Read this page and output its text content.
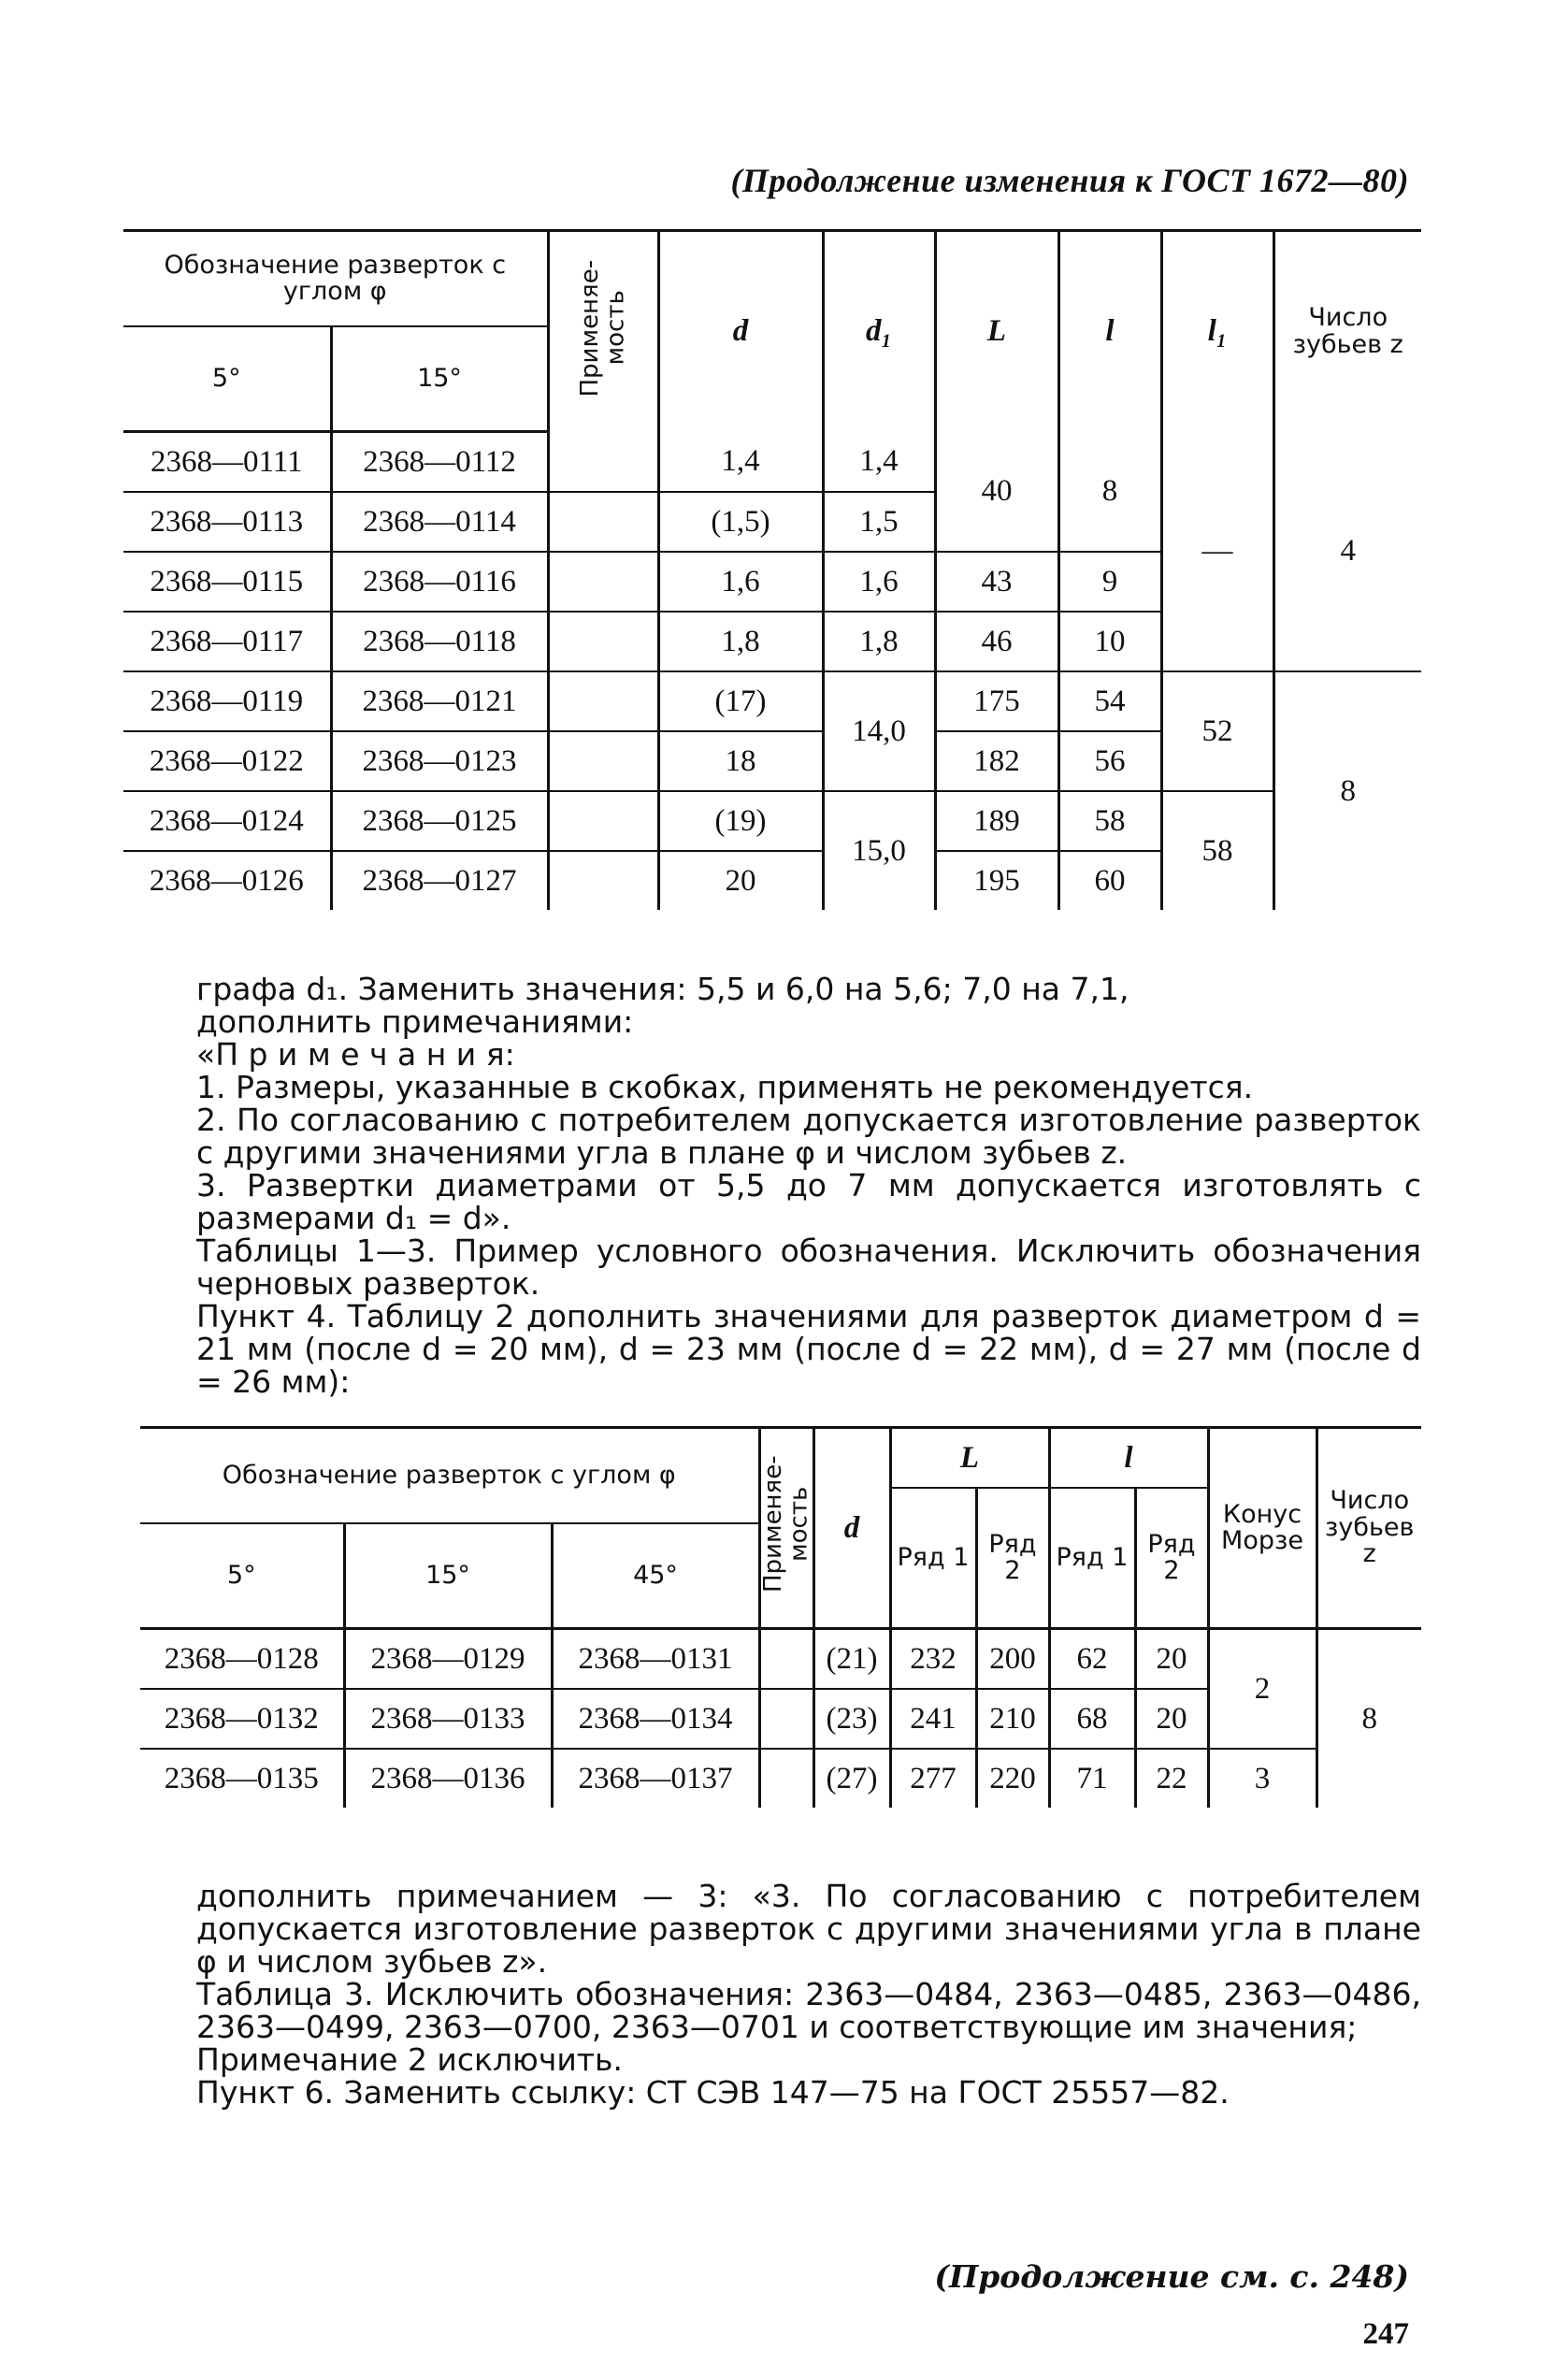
(Продолжение изменения к ГОСТ 1672—80)
Обозначение разверток с углом φ		Применяе-мость	d	d₁	L	l	l₁	Число зубьев z
5°	15°							
2368—0111	2368—0112		1,4	1,4	40	8	—	4
2368—0113	2368—0114		(1,5)	1,5				
2368—0115	2368—0116		1,6	1,6	43	9		
2368—0117	2368—0118		1,8	1,8	46	10		
2368—0119	2368—0121		(17)	14,0	175	54	52	8
2368—0122	2368—0123		18		182	56		
2368—0124	2368—0125		(19)	15,0	189	58	58	
2368—0126	2368—0127		20		195	60		

графа d₁. Заменить значения: 5,5 и 6,0 на 5,6; 7,0 на 7,1,

дополнить примечаниями:

«П р и м е ч а н и я:

1. Размеры, указанные в скобках, применять не рекомендуется.

2. По согласованию с потребителем допускается изготовление разверток с другими значениями угла в плане φ и числом зубьев z.

3. Развертки диаметрами от 5,5 до 7 мм допускается изготовлять с размерами d₁ = d».

Таблицы 1—3. Пример условного обозначения. Исключить обозначения черновых разверток.

Пункт 4. Таблицу 2 дополнить значениями для разверток диаметром d = 21 мм (после d = 20 мм), d = 23 мм (после d = 22 мм), d = 27 мм (после d = 26 мм):

Обозначение разверток с углом φ			Применяе-мость	d	L		l		Конус Морзе	Число зубьев z
					Ряд 1	Ряд 2	Ряд 1	Ряд 2		
5°	15°	45°								
2368—0128	2368—0129	2368—0131		(21)	232	200	62	20	2	8
2368—0132	2368—0133	2368—0134		(23)	241	210	68	20		
2368—0135	2368—0136	2368—0137		(27)	277	220	71	22	3	

дополнить примечанием — 3: «3. По согласованию с потребителем допускается изготовление разверток с другими значениями угла в плане φ и числом зубьев z».

Таблица 3. Исключить обозначения: 2363—0484, 2363—0485, 2363—0486, 2363—0499, 2363—0700, 2363—0701 и соответствующие им значения;

Примечание 2 исключить.

Пункт 6. Заменить ссылку: СТ СЭВ 147—75 на ГОСТ 25557—82.

(Продолжение см. с. 248)
247
